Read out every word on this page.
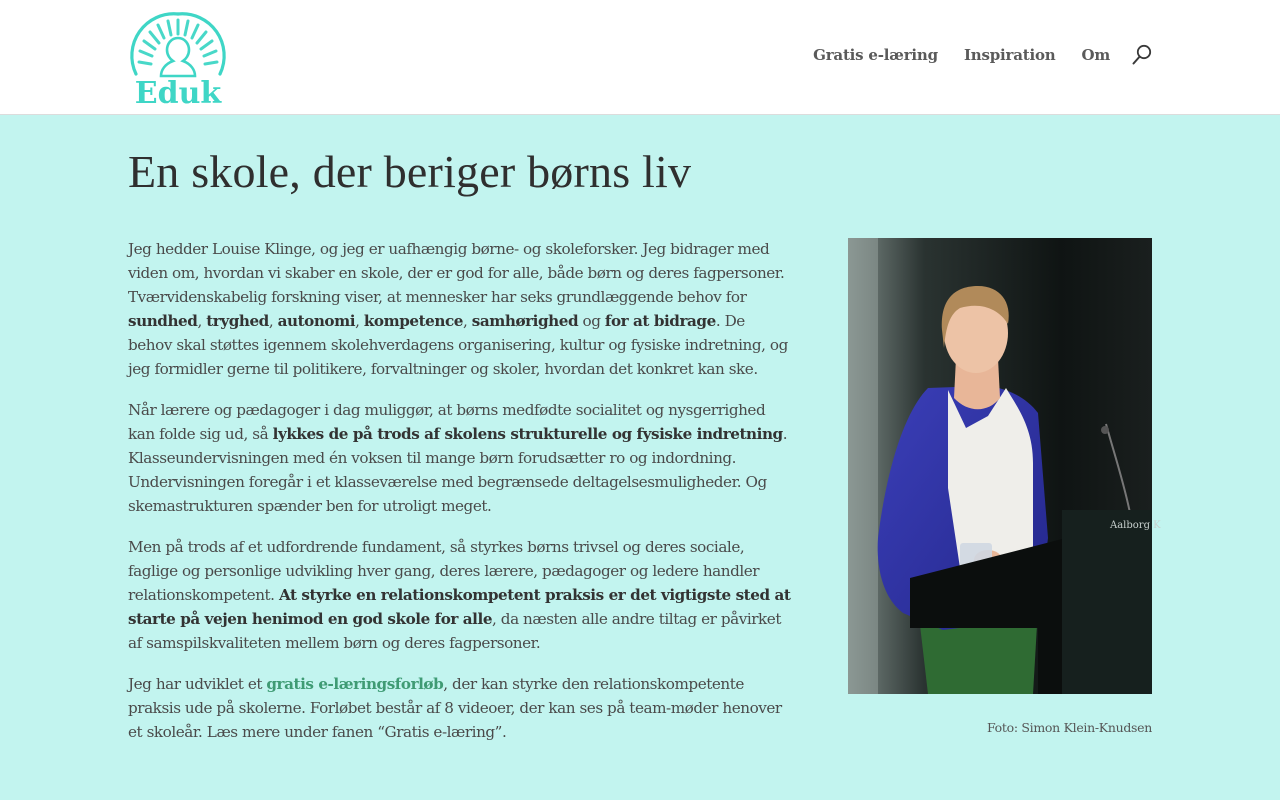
Eduk
Gratis e-læring Inspiration Om
En skole, der beriger børns liv

Jeg hedder Louise Klinge, og jeg er uafhængig børne- og skoleforsker. Jeg bidrager med viden om, hvordan vi skaber en skole, der er god for alle, både børn og deres fagpersoner. Tværvidenskabelig forskning viser, at mennesker har seks grundlæggende behov for sundhed, tryghed, autonomi, kompetence, samhørighed og for at bidrage. De behov skal støttes igennem skolehverdagens organisering, kultur og fysiske indretning, og jeg formidler gerne til politikere, forvaltninger og skoler, hvordan det konkret kan ske.

Når lærere og pædagoger i dag muliggør, at børns medfødte socialitet og nysgerrighed kan folde sig ud, så lykkes de på trods af skolens strukturelle og fysiske indretning. Klasseundervisningen med én voksen til mange børn forudsætter ro og indordning. Undervisningen foregår i et klasseværelse med begrænsede deltagelsesmuligheder. Og skemastrukturen spænder ben for utroligt meget.

Men på trods af et udfordrende fundament, så styrkes børns trivsel og deres sociale, faglige og personlige udvikling hver gang, deres lærere, pædagoger og ledere handler relationskompetent. At styrke en relationskompetent praksis er det vigtigste sted at starte på vejen henimod en god skole for alle, da næsten alle andre tiltag er påvirket af samspilskvaliteten mellem børn og deres fagpersoner.

Jeg har udviklet et gratis e-læringsforløb, der kan styrke den relationskompetente praksis ude på skolerne. Forløbet består af 8 videoer, der kan ses på team-møder henover et skoleår. Læs mere under fanen “Gratis e-læring”.

Aalborg K
Foto: Simon Klein-Knudsen
